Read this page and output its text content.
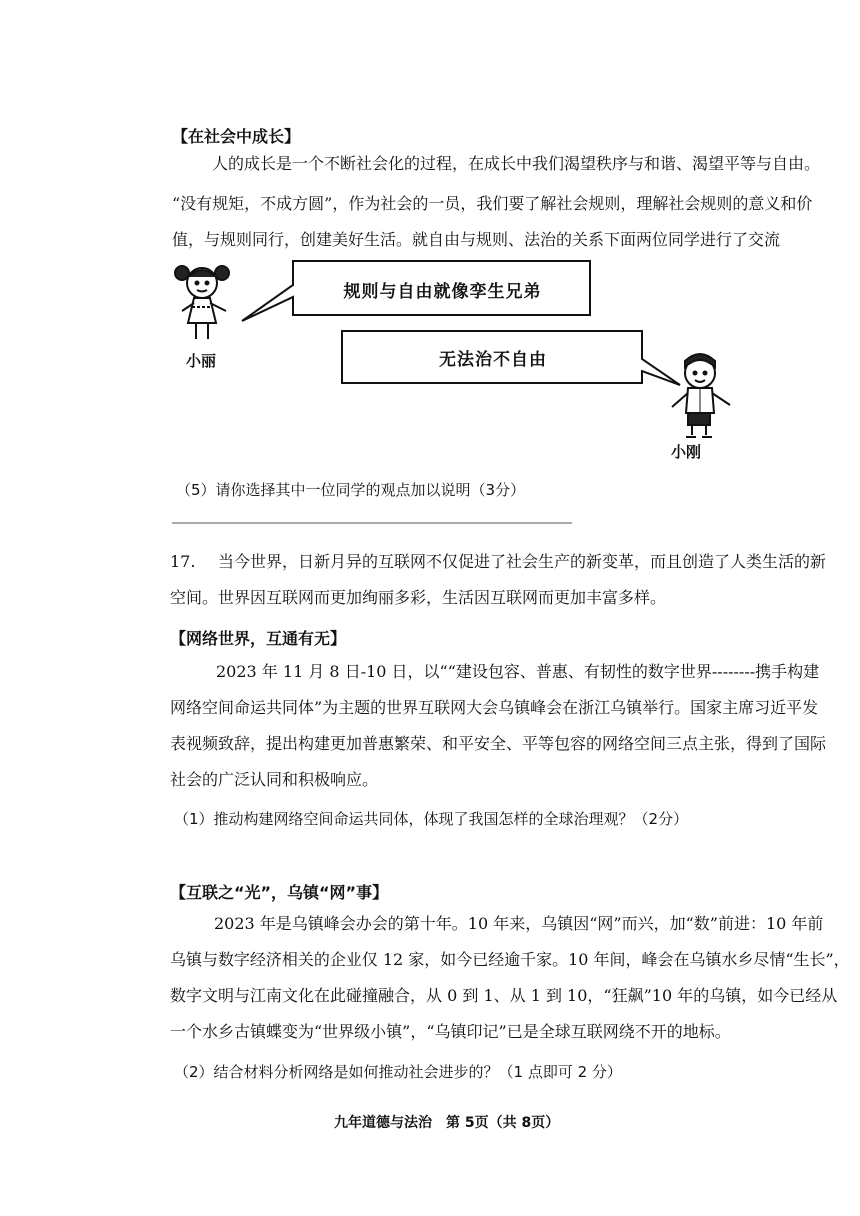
【在社会中成长】
人的成长是一个不断社会化的过程，在成长中我们渴望秩序与和谐、渴望平等与自由。
“没有规矩，不成方圆”，作为社会的一员，我们要了解社会规则，理解社会规则的意义和价
值，与规则同行，创建美好生活。就自由与规则、法治的关系下面两位同学进行了交流
规则与自由就像孪生兄弟
无法治不自由
小丽
小刚
（5）请你选择其中一位同学的观点加以说明（3分）
17. 当今世界，日新月异的互联网不仅促进了社会生产的新变革，而且创造了人类生活的新
空间。世界因互联网而更加绚丽多彩，生活因互联网而更加丰富多样。
【网络世界，互通有无】
2023 年 11 月 8 日-10 日，以““建设包容、普惠、有韧性的数字世界--------携手构建
网络空间命运共同体”为主题的世界互联网大会乌镇峰会在浙江乌镇举行。国家主席习近平发
表视频致辞，提出构建更加普惠繁荣、和平安全、平等包容的网络空间三点主张，得到了国际
社会的广泛认同和积极响应。
（1）推动构建网络空间命运共同体，体现了我国怎样的全球治理观？（2分）
【互联之“光”，乌镇“网”事】
2023 年是乌镇峰会办会的第十年。10 年来，乌镇因“网”而兴，加“数”前进：10 年前
乌镇与数字经济相关的企业仅 12 家，如今已经逾千家。10 年间，峰会在乌镇水乡尽情“生长”，
数字文明与江南文化在此碰撞融合，从 0 到 1、从 1 到 10，“狂飙”10 年的乌镇，如今已经从
一个水乡古镇蝶变为“世界级小镇”，“乌镇印记”已是全球互联网绕不开的地标。
（2）结合材料分析网络是如何推动社会进步的？（1 点即可 2 分）
九年道德与法治　第 5页（共 8页）
